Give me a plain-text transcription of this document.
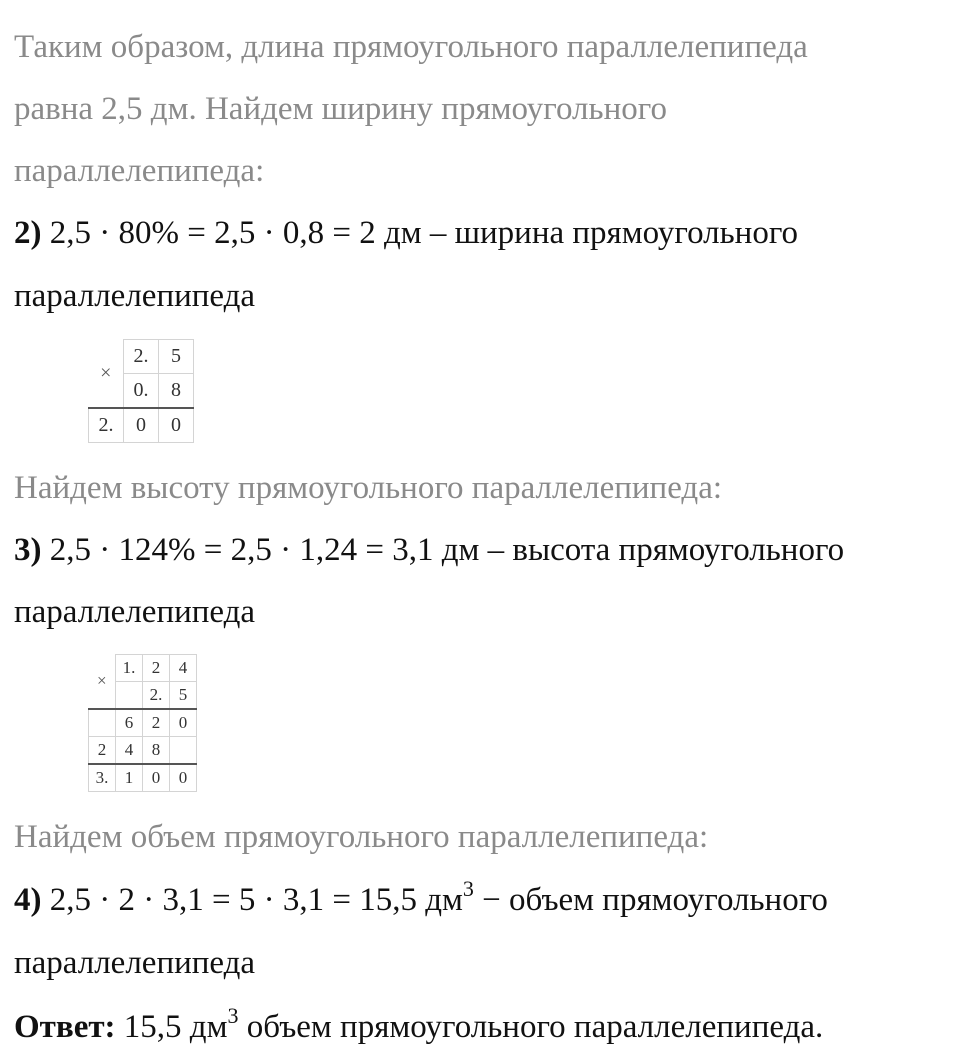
Таким образом, длина прямоугольного параллелепипеда
равна 2,5 дм. Найдем ширину прямоугольного
параллелепипеда:
2) 2,5 · 80% = 2,5 · 0,8 = 2 дм – ширина прямоугольного
параллелепипеда
×	2.	5
	0.	8
2.	0	0
Найдем высоту прямоугольного параллелепипеда:
3) 2,5 · 124% = 2,5 · 1,24 = 3,1 дм – высота прямоугольного
параллелепипеда
×	1.	2	4
		2.	5
	6	2	0
2	4	8	
3.	1	0	0
Найдем объем прямоугольного параллелепипеда:
4) 2,5 · 2 · 3,1 = 5 · 3,1 = 15,5 $дм^3$ − объем прямоугольного
параллелепипеда
Ответ: 15,5 $дм^3$ объем прямоугольного параллелепипеда.
